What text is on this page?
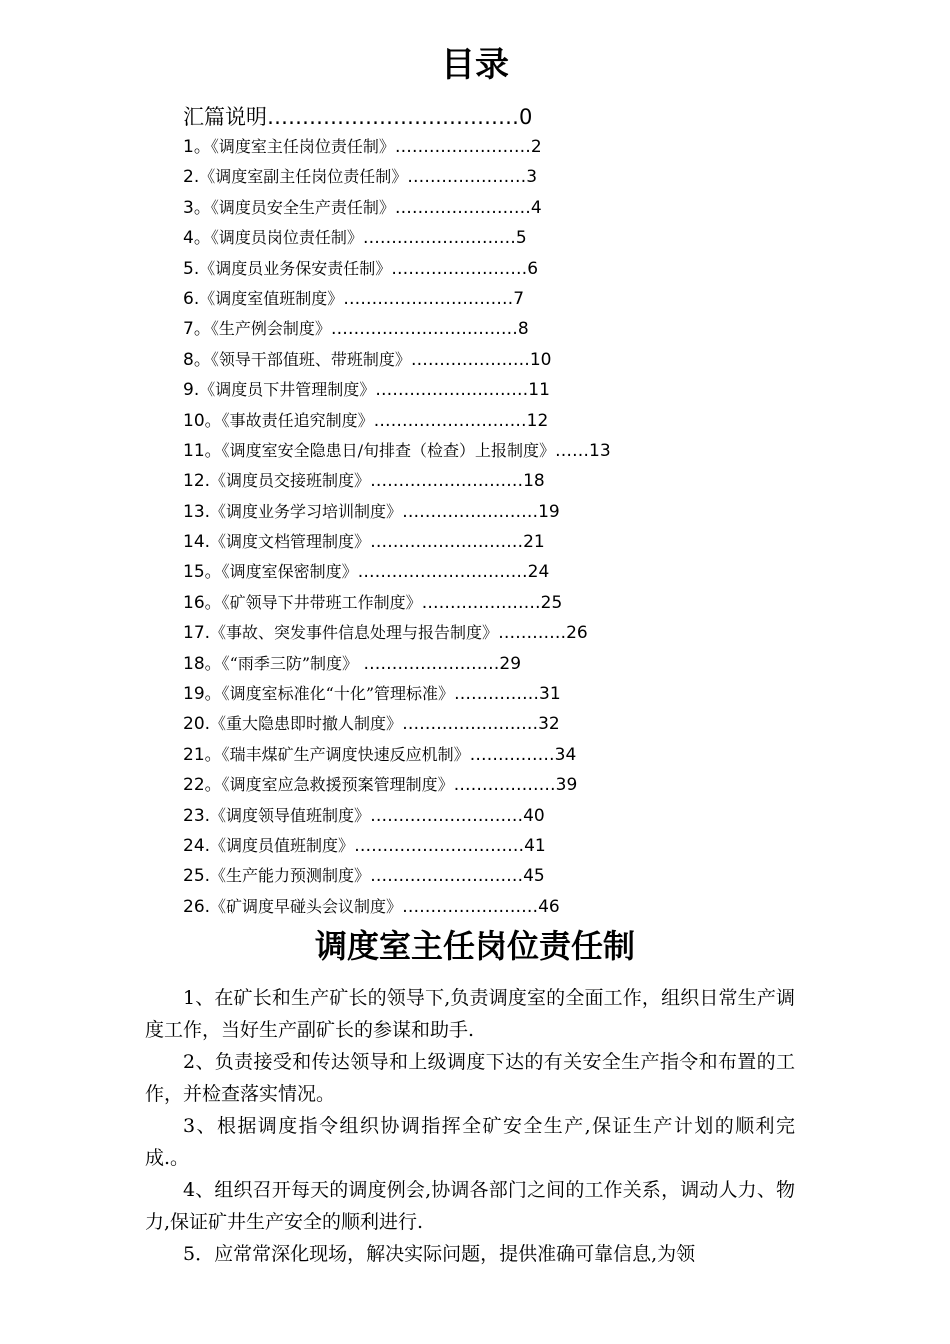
目录
汇篇说明………………………………0
1。《调度室主任岗位责任制》……………………2
2.《调度室副主任岗位责任制》…………………3
3。《调度员安全生产责任制》……………………4
4。《调度员岗位责任制》………………………5
5.《调度员业务保安责任制》……………………6
6.《调度室值班制度》…………………………7
7。《生产例会制度》……………………………8
8。《领导干部值班、带班制度》…………………10
9.《调度员下井管理制度》………………………11
10。《事故责任追究制度》………………………12
11。《调度室安全隐患日/旬排查（检查）上报制度》……13
12.《调度员交接班制度》………………………18
13.《调度业务学习培训制度》……………………19
14.《调度文档管理制度》………………………21
15。《调度室保密制度》…………………………24
16。《矿领导下井带班工作制度》…………………25
17.《事故、突发事件信息处理与报告制度》…………26
18。《“雨季三防”制度》 ……………………29
19。《调度室标准化“十化”管理标准》……………31
20.《重大隐患即时撤人制度》……………………32
21。《瑞丰煤矿生产调度快速反应机制》……………34
22。《调度室应急救援预案管理制度》………………39
23.《调度领导值班制度》………………………40
24.《调度员值班制度》…………………………41
25.《生产能力预测制度》………………………45
26.《矿调度早碰头会议制度》……………………46
调度室主任岗位责任制

1、在矿长和生产矿长的领导下,负责调度室的全面工作，组织日常生产调度工作，当好生产副矿长的参谋和助手.

2、负责接受和传达领导和上级调度下达的有关安全生产指令和布置的工作，并检查落实情况。

3、根据调度指令组织协调指挥全矿安全生产,保证生产计划的顺利完成.。

4、组织召开每天的调度例会,协调各部门之间的工作关系，调动人力、物力,保证矿井生产安全的顺利进行.

5．应常常深化现场，解决实际问题，提供准确可靠信息,为领
